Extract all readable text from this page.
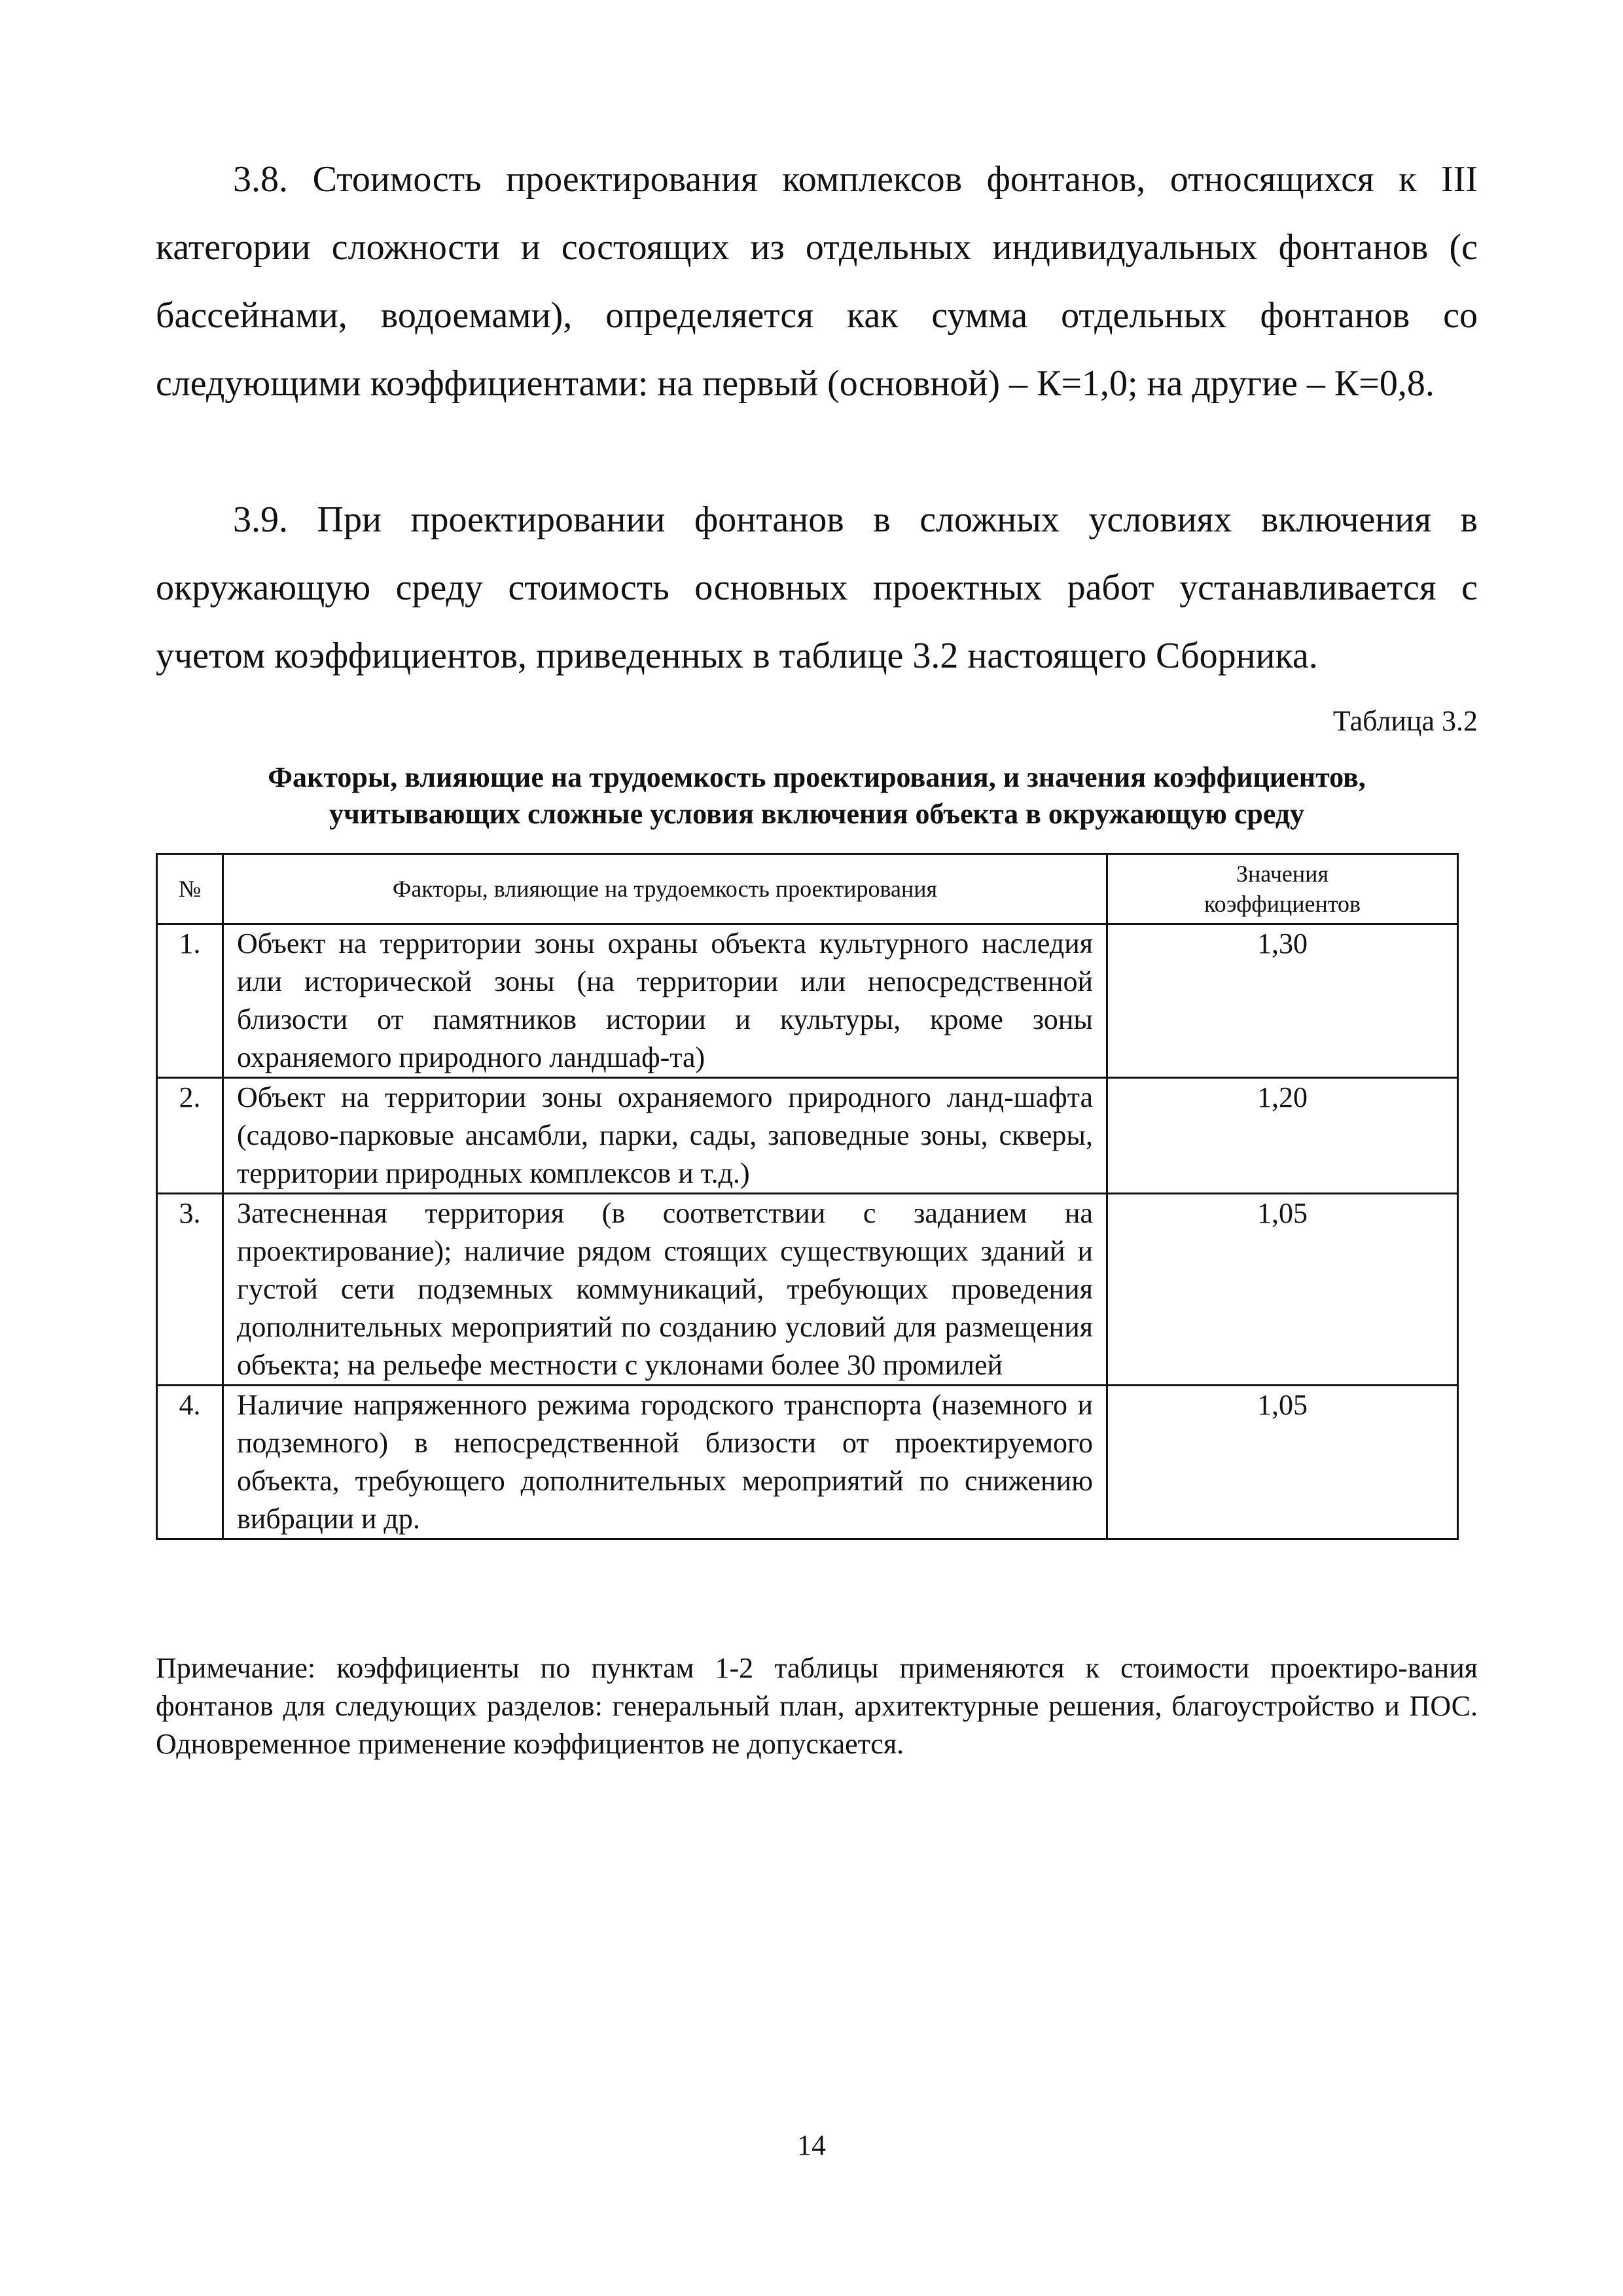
3.8. Стоимость проектирования комплексов фонтанов, относящихся к III категории сложности и состоящих из отдельных индивидуальных фонтанов (с бассейнами, водоемами), определяется как сумма отдельных фонтанов со следующими коэффициентами: на первый (основной) – К=1,0; на другие – К=0,8.

3.9. При проектировании фонтанов в сложных условиях включения в окружающую среду стоимость основных проектных работ устанавливается с учетом коэффициентов, приведенных в таблице 3.2 настоящего Сборника.

Таблица 3.2

Факторы, влияющие на трудоемкость проектирования, и значения коэффициентов,
учитывающих сложные условия включения объекта в окружающую среду

№	Факторы, влияющие на трудоемкость проектирования	Значения
коэффициентов

1.	Объект на территории зоны охраны объекта культурного наследия или исторической зоны (на территории или непосредственной близости от памятников истории и культуры, кроме зоны охраняемого природного ландшаф-та)	1,30
2.	Объект на территории зоны охраняемого природного ланд-шафта (садово-парковые ансамбли, парки, сады, заповедные зоны, скверы, территории природных комплексов и т.д.)	1,20
3.	Затесненная территория (в соответствии с заданием на проектирование); наличие рядом стоящих существующих зданий и густой сети подземных коммуникаций, требующих проведения дополнительных мероприятий по созданию условий для размещения объекта; на рельефе местности с уклонами более 30 промилей	1,05
4.	Наличие напряженного режима городского транспорта (наземного и подземного) в непосредственной близости от проектируемого объекта, требующего дополнительных мероприятий по снижению вибрации и др.	1,05

Примечание: коэффициенты по пунктам 1-2 таблицы применяются к стоимости проектиро-вания фонтанов для следующих разделов: генеральный план, архитектурные решения, благоустройство и ПОС. Одновременное применение коэффициентов не допускается.

14
